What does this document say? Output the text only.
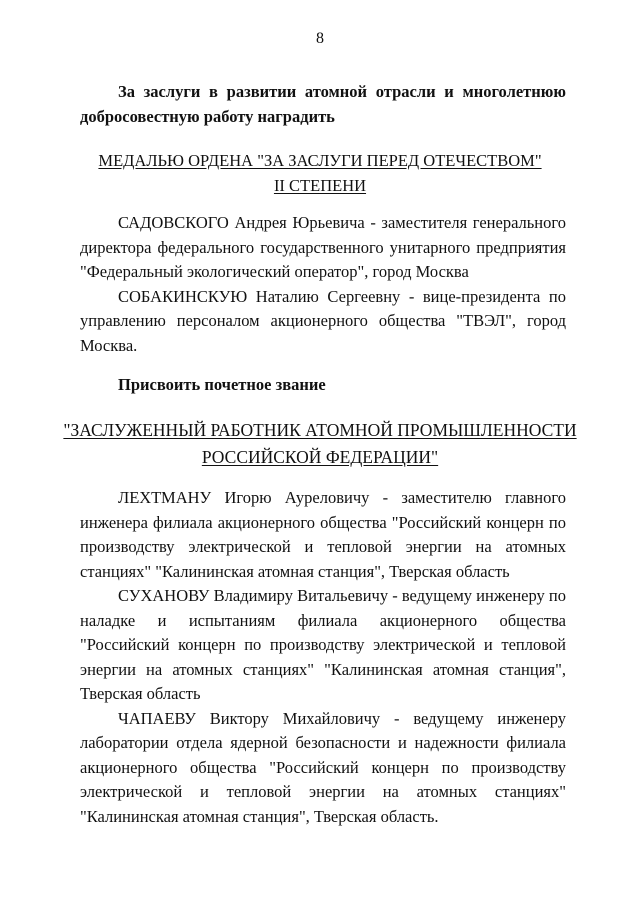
8
За заслуги в развитии атомной отрасли и многолетнюю добросовестную работу наградить
МЕДАЛЬЮ ОРДЕНА "ЗА ЗАСЛУГИ ПЕРЕД ОТЕЧЕСТВОМ"
II СТЕПЕНИ

САДОВСКОГО Андрея Юрьевича - заместителя генерального директора федерального государственного унитарного предприятия "Федеральный экологический оператор", город Москва

СОБАКИНСКУЮ Наталию Сергеевну - вице-президента по управлению персоналом акционерного общества "ТВЭЛ", город Москва.

Присвоить почетное звание
"ЗАСЛУЖЕННЫЙ РАБОТНИК АТОМНОЙ ПРОМЫШЛЕННОСТИ
РОССИЙСКОЙ ФЕДЕРАЦИИ"

ЛЕХТМАНУ Игорю Ауреловичу - заместителю главного инженера филиала акционерного общества "Российский концерн по производству электрической и тепловой энергии на атомных станциях" "Калининская атомная станция", Тверская область

СУХАНОВУ Владимиру Витальевичу - ведущему инженеру по наладке и испытаниям филиала акционерного общества "Российский концерн по производству электрической и тепловой энергии на атомных станциях" "Калининская атомная станция", Тверская область

ЧАПАЕВУ Виктору Михайловичу - ведущему инженеру лаборатории отдела ядерной безопасности и надежности филиала акционерного общества "Российский концерн по производству электрической и тепловой энергии на атомных станциях" "Калининская атомная станция", Тверская область.
